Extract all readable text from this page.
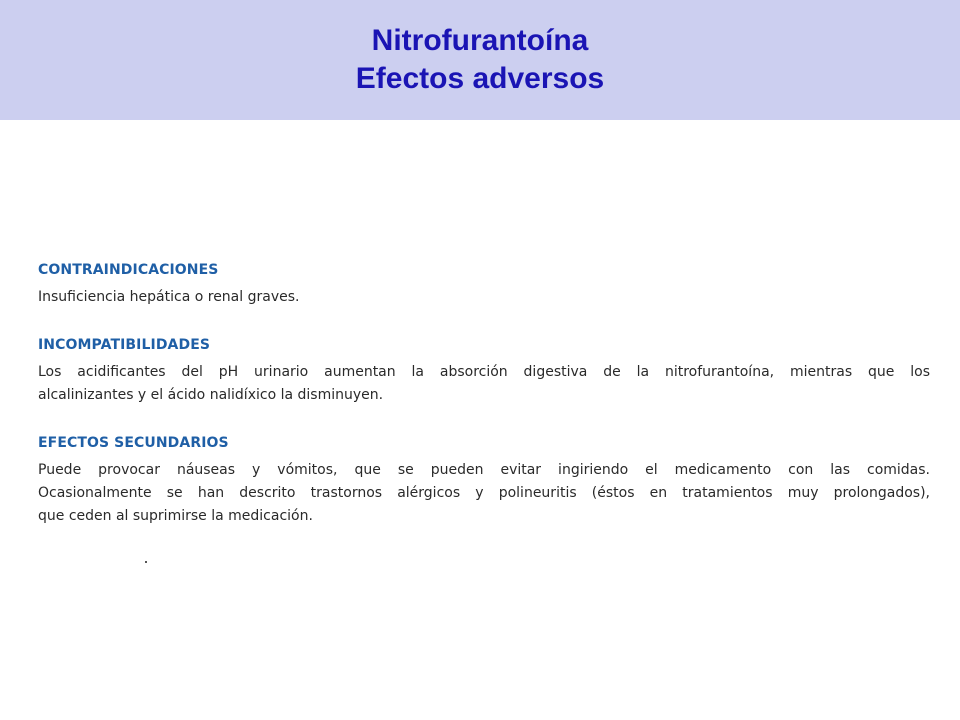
Nitrofurantoína
Efectos adversos
CONTRAINDICACIONES
Insuficiencia hepática o renal graves.
INCOMPATIBILIDADES
Los acidificantes del pH urinario aumentan la absorción digestiva de la nitrofurantoína, mientras que los
alcalinizantes y el ácido nalidíxico la disminuyen.
EFECTOS SECUNDARIOS
Puede provocar náuseas y vómitos, que se pueden evitar ingiriendo el medicamento con las comidas.
Ocasionalmente se han descrito trastornos alérgicos y polineuritis (éstos en tratamientos muy prolongados),
que ceden al suprimirse la medicación.
